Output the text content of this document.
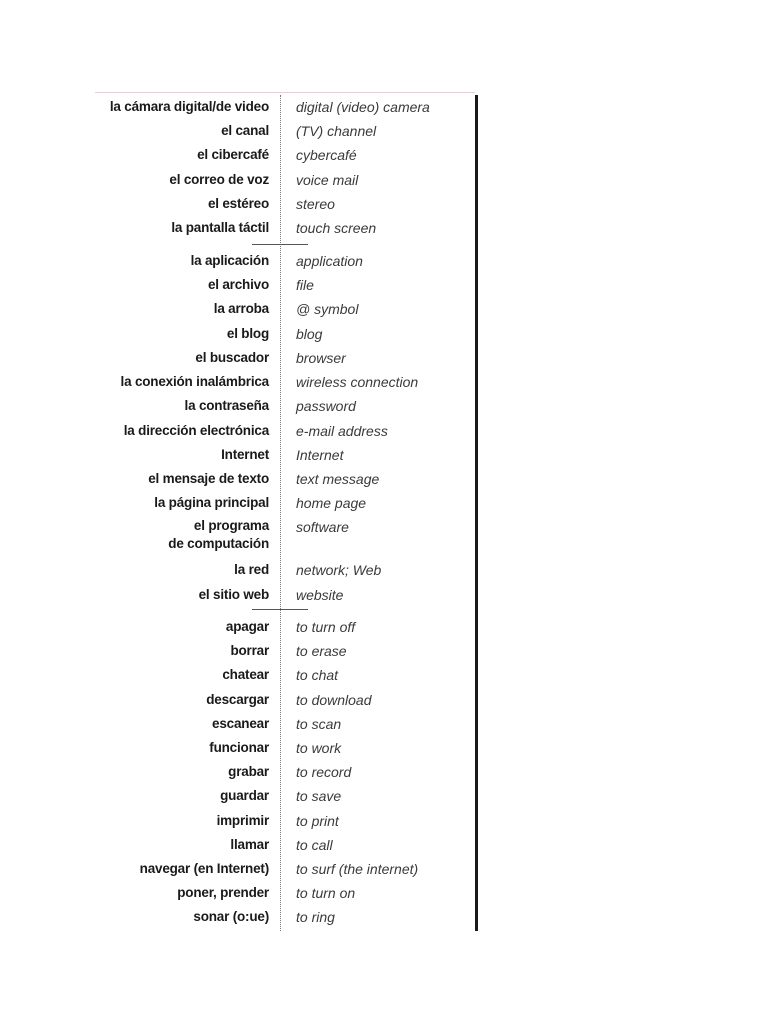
la cámara digital/de video digital (video) camera
el canal (TV) channel
el cibercafé cybercafé
el correo de voz voice mail
el estéreo stereo
la pantalla táctil touch screen
la aplicación application
el archivo file
la arroba @ symbol
el blog blog
el buscador browser
la conexión inalámbrica wireless connection
la contraseña password
la dirección electrónica e-mail address
Internet Internet
el mensaje de texto text message
la página principal home page
el programa
de computación
software
la red network; Web
el sitio web website
apagar to turn off
borrar to erase
chatear to chat
descargar to download
escanear to scan
funcionar to work
grabar to record
guardar to save
imprimir to print
llamar to call
navegar (en Internet) to surf (the internet)
poner, prender to turn on
sonar (o:ue) to ring
